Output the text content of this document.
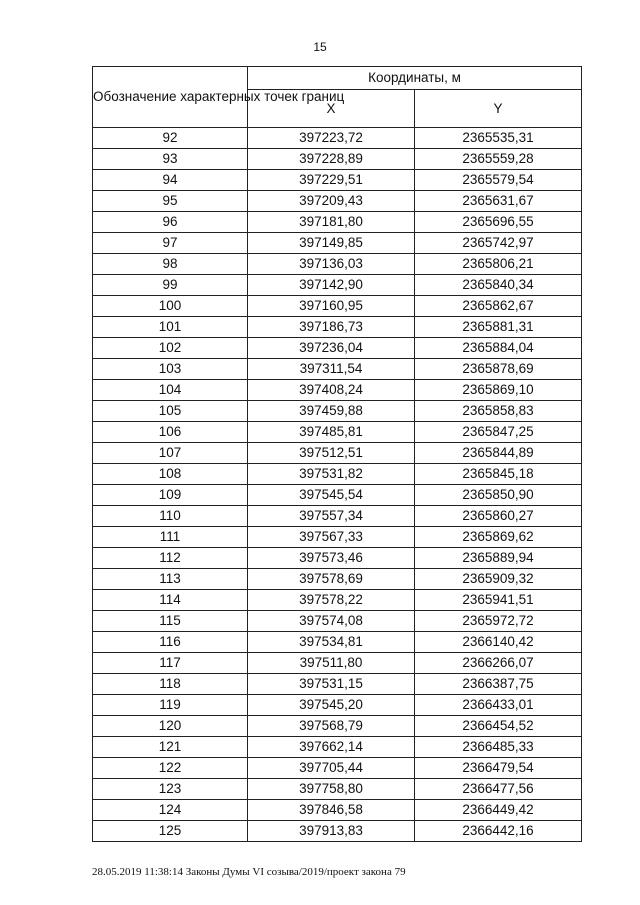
15
Обозначение характерных точек границ	Координаты, м	
	X	Y
92	397223,72	2365535,31
93	397228,89	2365559,28
94	397229,51	2365579,54
95	397209,43	2365631,67
96	397181,80	2365696,55
97	397149,85	2365742,97
98	397136,03	2365806,21
99	397142,90	2365840,34
100	397160,95	2365862,67
101	397186,73	2365881,31
102	397236,04	2365884,04
103	397311,54	2365878,69
104	397408,24	2365869,10
105	397459,88	2365858,83
106	397485,81	2365847,25
107	397512,51	2365844,89
108	397531,82	2365845,18
109	397545,54	2365850,90
110	397557,34	2365860,27
111	397567,33	2365869,62
112	397573,46	2365889,94
113	397578,69	2365909,32
114	397578,22	2365941,51
115	397574,08	2365972,72
116	397534,81	2366140,42
117	397511,80	2366266,07
118	397531,15	2366387,75
119	397545,20	2366433,01
120	397568,79	2366454,52
121	397662,14	2366485,33
122	397705,44	2366479,54
123	397758,80	2366477,56
124	397846,58	2366449,42
125	397913,83	2366442,16
28.05.2019 11:38:14 Законы Думы VI созыва/2019/проект закона 79
